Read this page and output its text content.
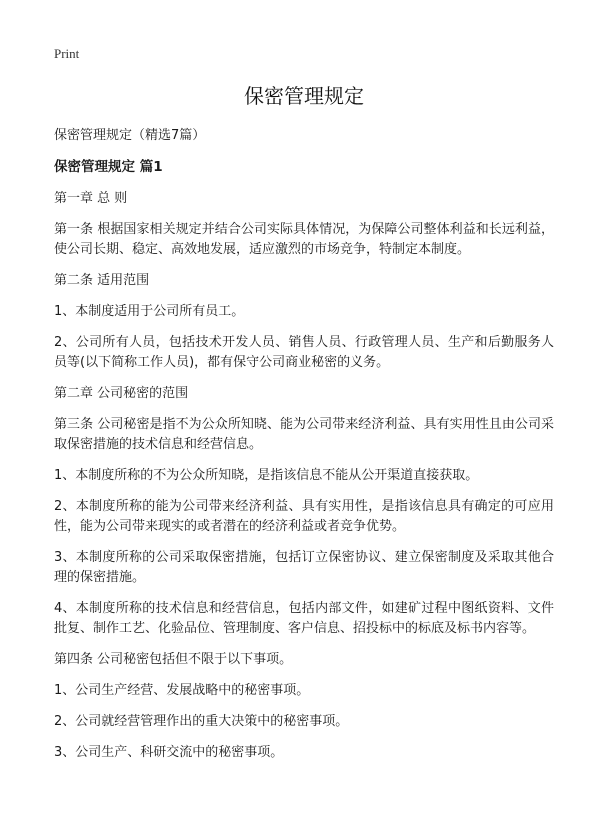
Print
保密管理规定

保密管理规定（精选7篇）

保密管理规定 篇1

第一章 总 则

第一条 根据国家相关规定并结合公司实际具体情况，为保障公司整体利益和长远利益，使公司长期、稳定、高效地发展，适应激烈的市场竞争，特制定本制度。

第二条 适用范围

1、本制度适用于公司所有员工。

2、公司所有人员，包括技术开发人员、销售人员、行政管理人员、生产和后勤服务人员等(以下简称工作人员)，都有保守公司商业秘密的义务。

第二章 公司秘密的范围

第三条 公司秘密是指不为公众所知晓、能为公司带来经济利益、具有实用性且由公司采取保密措施的技术信息和经营信息。

1、本制度所称的不为公众所知晓，是指该信息不能从公开渠道直接获取。

2、本制度所称的能为公司带来经济利益、具有实用性，是指该信息具有确定的可应用性，能为公司带来现实的或者潜在的经济利益或者竞争优势。

3、本制度所称的公司采取保密措施，包括订立保密协议、建立保密制度及采取其他合理的保密措施。

4、本制度所称的技术信息和经营信息，包括内部文件，如建矿过程中图纸资料、文件批复、制作工艺、化验品位、管理制度、客户信息、招投标中的标底及标书内容等。

第四条 公司秘密包括但不限于以下事项。

1、公司生产经营、发展战略中的秘密事项。

2、公司就经营管理作出的重大决策中的秘密事项。

3、公司生产、科研交流中的秘密事项。
